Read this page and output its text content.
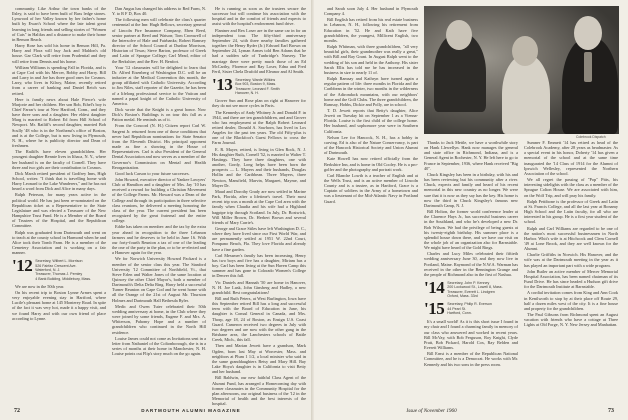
community. Like Arthur the town banks of the Ilsley, is said to have been built of Bass ledge stones. Lynwood of her Valley known by her father's home built by Ewart's School where the late talent great learning in long friends and selling stories of "Women of Cuts" in Halifax and a distance to make their home in Benson Beach.

Harry Rose has sold his home in Benson Hill, Pa. Harry and Flora will buy Jack and Maldon's old house. Gar Clark will retire from Prudential and they will retire from Dennis and his home.

William Williams is spending Fall in Florida, and is at Cape Cod with his Mercer, Bobby and Harry. Bill and Larry in and Joe has three good ones for Cosmos. Larry, who lives in Kilroy, Maine, recently retired from a career of banking and Daniel Reich was retired.

Here is family news about Hale Pierce's wife Marjorie and her children. Her son Bob, Ethel's boy is Chief Farrar's tour at New Hartford, Conn., and they have three sons and a daughter. Her eldest daughter Marg is married to Robert Ed from Hill School of Newport. Mr. Ratliff's second daughter, married Bob Scully '48 who is in the Northeast's office of Boston, and is at the College, but is now living in Plymouth, N. H., where he is publicity director and Dean of freshmen.

The Ratliffs have eleven grandchildren. Her youngest daughter Rennie lives in Ithaca, N. Y., where her husband is on the faculty of Cornell. They have three and two girls are their contribution to Cosmos.

Dick Marsh retired president of Godfrey Inns, High School, writes: "I think that is travelling home with Harry Leonard to the Lake Wanderers," and he has not heard a word from Dick and Alice in many days.

Ralph Peterson, for many years active in the political world. He has just been re-nominated on the Republican ticket as a Representative to the State Legislature and was elected a Treasurer of the New Hampshire Trust Fund. He is a Member of the Board of Trustees of the Hospital, and the Republican Committee.

Ralph was graduated from Dartmouth and went on to teach at the county school in Harmond when he and Alice took their Tomb Farm. He is a member of the Cemetery Association and is working on a fair manner.

'12 Secretary, Wilbert L. Morrison
526 Fairfax Crescent Ave.
Waterford, N. J.
Treasurer, Thomas J. Pemley
4 Bank Building, Middlebury, Mass.

We are now in the 50th year.

On his recent trip to Boston Lynne Armes spent a very enjoyable evening stay in Hartford, where Lucile's pleasant home at 145 Monterey Road. In spite of the fact it was very hot, made it a happy visit, and we found Harry and with our own friend of place according to Lynne.

Dan Angus has changed his address to Red Farm, N. Y. to R F D, Box 40.

The following men will celebrate the class's quarter centennial at the Inn: Hugh Bellows, secretary general of Lincoln Fire Insurance Company, Eben Reed, senior partner at Reed and Watson; Tom Cromwell of the Intersolve of Hale and Fairbanks; Robert Ramsey director of the School Council at Dunbar Morrison, Historian of Texas; Steve Barton, professor of Greek and Latin of Sprague College; Carl Mead, editor of the Berkshire; and the Rev. H. Benfort.

Your '12 classmates will be delighted to learn that Dr. Alfred Eisenberg of Washington D.C. will be an inductee at the Medical Convention this month, the group affiliated with Catholic University. According to Jim Niles, staff reporter of the Gazette, he has been of a lifelong professional service to the Vatican and named a papal knight of the Catholic University of America.

Dick wrote that the Knight is a great honor. Now Dick's Boston's Buildings is on tour this fall as a Patton medal. He reminds us of it.

From the Concord (N. H.) Citizen report Carl W. Sargent Jr. returned from one of those conditions that never had Republican nominations for State Senator from the Eleventh District. His principal opponent made as fine a showing in the House of Representatives. Carl is also President of the General Dental Association and now serves as a member of the Governor's Commission on Mental and Health Reorganization.

Good luck Carson to your future successes.

John Howard, executive director of Yankee Lawyers' Club at Hamilton and a daughter of Mrs. Jay '10 has received a reward for building a Christian Movement of the College Farms. Mr. Howard was a Dean of the College and through its participation in three selective class reunions, he delivered a meeting honoring the class of the year. The current president has been recognized by the great fraternal and the entire college.

Eddie has taken on member: and the tax by the extra year ahead in recognition to the three Lebanon farmers and he deserves to be held in June 16. With our forty-fourth Reunion a tax of one of the leading the one of the party in the plan, or to be re-elected and a Hanover again for the year.

We for Norwich University Howard Packard is a member of the senior class this year. The Stanford University '12 Committee of Northfield, Vt., that Steve Erlen and Walter Jones of the same location at Quincey the other Chief Mayor's, both a member of Dartmouth's Delta Delta Ring. Harry held a successful Turner Reunion on Cape Cod and he went home with all the Orange of the 21st of August Mr. Thurston Holmes and Dartmouth Hall Bethesda Ryler.

Medic and Owen Tuter celebrated their 50th wedding anniversary at home, in the Club where they were joined by some friends, Eugene F. and Mrs. A. Whiterson, Pahomy Hope and a number of grandchildren who continued in the North Hill residence.

Louise James could not come as Invitations sent in a letter from Nathaniel of the Coltonborough, she is in a series of months at their home in Manchester, N. H. Louise points out Flip's story much on the go again.

He is running as soon as the trustees secure the successor but will continue his association with the hospital and in the comfort of friends and expects to assist with the hospital's endowment fund drive.

Flantner and Rex Loser are in the same car in for an independent tour. The fifty-third anniversary September 24, with three nearby families gathered together: the Henry Ryder (Jr.) Edward Earl Brown on September 24, Lyman Armes told Ben Adams that he had a sudden sale of Tunbridge's Nursery. The marriage there were pretty much those of an Ed McCarthy, Florence and Ray Loser, Edna and Fred Fertl, Sister Chela Drufold and Eleanor and Al Smith.

'13 Secretary, Warde Wilkins
Box 903, Boston 9, Mass.
Treasurer, Leonard F. Smith
Hanover, N. H.

Grover Sun and Rose plan on right at Hanover for they do not see more cycles in Paris.

The Kennedys of Andy Whitney Jr. and Donald F. in 1944, and there are ten grandchildren, and and Grover who has employment at the Ralph Robert Leonard retired dealer, Donald A. Sawhorn, has lived in Los Angeles for the past ten years. The old Fifty-plus is one of the Blackfoot's Guest Fellows to cross the Farm Journal.

E. R. Mayer, retired, is living in Glen Rock, N. J. His daughter Ruth, Cornell '52, is married to Walter T. Hastings. They have three daughters, one with another, Gordy, Long helps have been born the prospects — L. Mayers and their husbands, Douglas Hollin and the Caribbean. Three Mayers, three Newton, Mansfield, Marvin, Margaret, Mayme, and Mayer Dr.

Maud and Dorothy Grady are now settled in Marine Park, Florida, after a lifetime's travel. Their most recent trip was a month at the Cape Cod area with the family when Claudia and his wife had a Highland bagpipe trip through Scotland. In July, Dr. Bostwick, Will Miller Brown, Dr. Herbert Brown and several friends of Mary Carrie's.

George and Grace Stiles have left Washington D. C., where they have lived since our First World War, and are permanently settled at 1951 W. 22nd Court, Pompano Beach, Fla. They love Florida and already have a fine garden.

Carl Messmer's family has been increasing. Henry has two boys and five has a daughter, Miriam has a boy. Carl has been living at the Sun Haven Camp this summer and has gone to Colorado Women's College in Denver this fall.

Vic Daniels and Hannah '50 are home in Hanover, N. H. Joe Lusk, John Ginsberg and Hadley, a new grandchild. Best congratulations!

Bill and Ruth Peters, at West Burlington, Iowa have this September retired Bill has a long and successful term with the Board of Education in June, his daughter is Consul General in Canada, and Mrs. Thorp, age 18, 24 of Boston, as Ensign U.S. Coast Guard. Cameron received two degrees in July with two degrees and are now with the other gang in the Brisbane area, the Lanchesters schools of Battle Creek, Mich., this fall.

Then and Marian Jewett have a grandson, Mark Ogden, born last May at Worcester, Mass. and neighbors at Plum 1 1/2, a local minister who said in the same granddaughters Betsy and Mary Hill. Bay Lake Hoya's daughter is in California to visit Betty and her husband.

Bill Baldwin, our new faithful Class Agent of the Alumni Fund, has arranged a Homecoming day with former classmates in the Community Hospital for the plan afternoons, our original business of the '12 in the Memorial of health and the best interests of the hospital.

72	DARTMOUTH ALUMNI MAGAZINE

and Sarah soon July 4. Her husband in Plymouth Company 4.

Bill English has retired from his real estate business in Lebanon, N. H., following his retirement from Education in '52. He and Kath have five grandchildren, the youngest, Millicent English, two months.

Ralph Whitman, with three grandchildren, "all very beautiful girls, their grandmother was really a great," with Bill and Ray Grant. In August Ralph went to the wedding of his son and held in the Anthony. His sister Sarah Ellis has told me he has increased in the business in size to nearly 11 of.

Ralph Ramsay and Kathryn have turned again a regular pattern of life: three months in Florida and the Caribbean in the winter, two months in the wilderness of the Adirondack mountains, with our neighbors' home and the Golf Clubs. The three grandchildren, the Ramsay, Hobbs, Dickie and Polly, are in school.

T. D. Jewett reports that Betty's daughter, Alice Jewett on Tuesday hit on September 1 as a Vienna-Florida. Louise is the first child of the college home. Her husband, and sophomore year were in Southern California.

Nelson Lee for Hancock, N. H., has a hobby in carving. Ed is also of the Nature Conservancy, is part of the Hancock Historical Society and Union Alumni of Dartmouth.

Kate Howell has now retired officially from the Berkshire Inn, and is home in Old Cooley. He is a pro-golfer and the photography and portrait work.

Carl Blanche Lowth is a teacher of English and at the Wells Trust, and is an active member of Lincoln County and is a trustee, as in Hartford, Grace is a Captain of soldiers in the Army of a hometown and was a lieutenant of the Mid-Atlantic Navy in Portland Guard.

Thanks to Jack Mettle, we have a worthwhile story on Hank Llewellyn. Hank now manages the general and state office in Richmond, Indiana, and is a General Agent in Rochester, N. Y. He left here to go to France in September, 1936, where Hank received "Big 40".

Chuck Kingsley has been in a birthday, with his and has been reviewing but his community after a river. Chuck, expects and family and heard of his recent memorial in this new country as no longer. We were sure that it is now as they say has the key. His home is now the third in Chuck Kingsley's famous new Dartmouth Camp, N. J.

Bill Holton, the former world conference leader at the Clarence Hays Jr., has successful business career in the Southland, and who he's developed a new Dr. Bob Wilson. We had the privilege of being guests at his twenty-eighth birthday. His summer place is a splendid house down there, and we have our visit on the whole job of an organization also for Barnstable. We might have heard of the Gold Rings.

Charles and Lucy Miles celebrated their fiftieth wedding anniversary June 30, and they now live in Portland, Maine. Raymond of the N.W.A. Warman has received in the other in the Bennington Grange and the people of Richmond also in the first of Nashua.

'14 Secretary, John P. Kenney
200 Lockwood St., Lowell 8, Mass.
Treasurer, Everett L. Lindgren
Oxford, Mass. 33rd
'15 Secretary, Philip R. Everson
44 Pearl St.
Hartford, Conn.

It's a small world! As it is this short issue I found in my chair and I found a charming family in memory of our class who answered and worked in recent years. Bill McVay, with Bob Ferguson, Roy Knight, Clyde Pratt, Bob Pickard, Harold Cox, Ray Belden and Everett Williams.

Bill Ernst is a member of the Republican National Committee, and he is a Democrat. He works with Mr. Kennedy and his two sons in the press room.

Sumner F. Emmett '14 has retired as head of the Colebrook Academy, after 28 years as headmaster. As a special event in his honor, Doherty '14 has given a memorial of the school and at the same time inaugurated the '14 Class of 1914 for the Alumni of Ipswich Wellesley, represented the Northern Association of the school.

We all regret the passing of "Pop" Pitts, his interesting sidelights with the class as a member of the Sprague Colton House. We are associated with him, on the Wolf Trip, and will pray his family.

Ralph Pettibone is the professor of Greek and Latin at St. Francis College, and all the last year at Bonamy High School and the Latin faculty, for all who are interested in his group. He is a first year student of the school.

Ralph and Carl Williams are regarded to be one of the nation's most successful businessmen in North Harbor. Whit's wife is at Hitchcock and Clem Cornell '49 at Lone Brook, and they are well known for the Alumni.

Charlie Griffiths in Norwich. His Hanover, and the wife was at the Dartmouth meeting in the year as it has played an important part with a wide program.

John Butler an active member of Mercer Memorial Hospital Association, has been named chairman of its Fund Drive. He has since headed a Hudson gift drive for the Dartmouth Institute at Barnstable.

A cordial invitation comes from King and Ann Cook in Kenilworth to stop by at their place off Route 29, half a dozen miles west of the city. It is a fine house and property for the grandchildren.

The Paul Gibsons from Richmond spent an August vacation with friends who have a cottage at Three Lights at Old Forge, N. Y. New Jersey and Manhattan.

Colebrook Dispatch
Issue of November 1960	73
